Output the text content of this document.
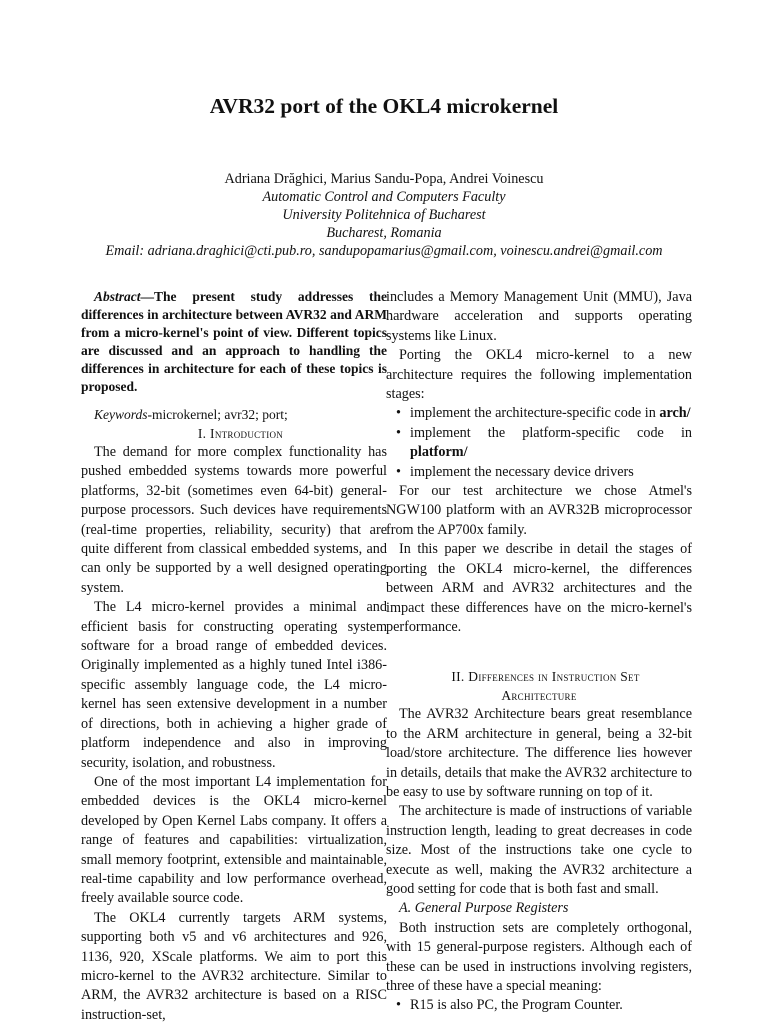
AVR32 port of the OKL4 microkernel
Adriana Drăghici, Marius Sandu-Popa, Andrei Voinescu
Automatic Control and Computers Faculty
University Politehnica of Bucharest
Bucharest, Romania
Email: adriana.draghici@cti.pub.ro, sandupopamarius@gmail.com, voinescu.andrei@gmail.com

Abstract—The present study addresses the differences in architecture between AVR32 and ARM from a micro-kernel's point of view. Different topics are discussed and an approach to handling the differences in architecture for each of these topics is proposed.

Keywords-microkernel; avr32; port;

I. Introduction

The demand for more complex functionality has pushed embedded systems towards more powerful platforms, 32-bit (sometimes even 64-bit) general-purpose processors. Such devices have requirements (real-time properties, reliability, security) that are quite different from classical embedded systems, and can only be supported by a well designed operating system.

The L4 micro-kernel provides a minimal and efficient basis for constructing operating system software for a broad range of embedded devices. Originally implemented as a highly tuned Intel i386-specific assembly language code, the L4 micro-kernel has seen extensive development in a number of directions, both in achieving a higher grade of platform independence and also in improving security, isolation, and robustness.

One of the most important L4 implementation for embedded devices is the OKL4 micro-kernel developed by Open Kernel Labs company. It offers a range of features and capabilities: virtualization, small memory footprint, extensible and maintainable, real-time capability and low performance overhead, freely available source code.

The OKL4 currently targets ARM systems, supporting both v5 and v6 architectures and 926, 1136, 920, XScale platforms. We aim to port this micro-kernel to the AVR32 architecture. Similar to ARM, the AVR32 architecture is based on a RISC instruction-set,

includes a Memory Management Unit (MMU), Java hardware acceleration and supports operating systems like Linux.

Porting the OKL4 micro-kernel to a new architecture requires the following implementation stages:

• implement the architecture-specific code in arch/
• implement the platform-specific code in platform/
• implement the necessary device drivers

For our test architecture we chose Atmel's NGW100 platform with an AVR32B microprocessor from the AP700x family.

In this paper we describe in detail the stages of porting the OKL4 micro-kernel, the differences between ARM and AVR32 architectures and the impact these differences have on the micro-kernel's performance.

II. Differences in Instruction Set
Architecture

The AVR32 Architecture bears great resemblance to the ARM architecture in general, being a 32-bit load/store architecture. The difference lies however in details, details that make the AVR32 architecture to be easy to use by software running on top of it.

The architecture is made of instructions of variable instruction length, leading to great decreases in code size. Most of the instructions take one cycle to execute as well, making the AVR32 architecture a good setting for code that is both fast and small.

A. General Purpose Registers

Both instruction sets are completely orthogonal, with 15 general-purpose registers. Although each of these can be used in instructions involving registers, three of these have a special meaning:

• R15 is also PC, the Program Counter.
